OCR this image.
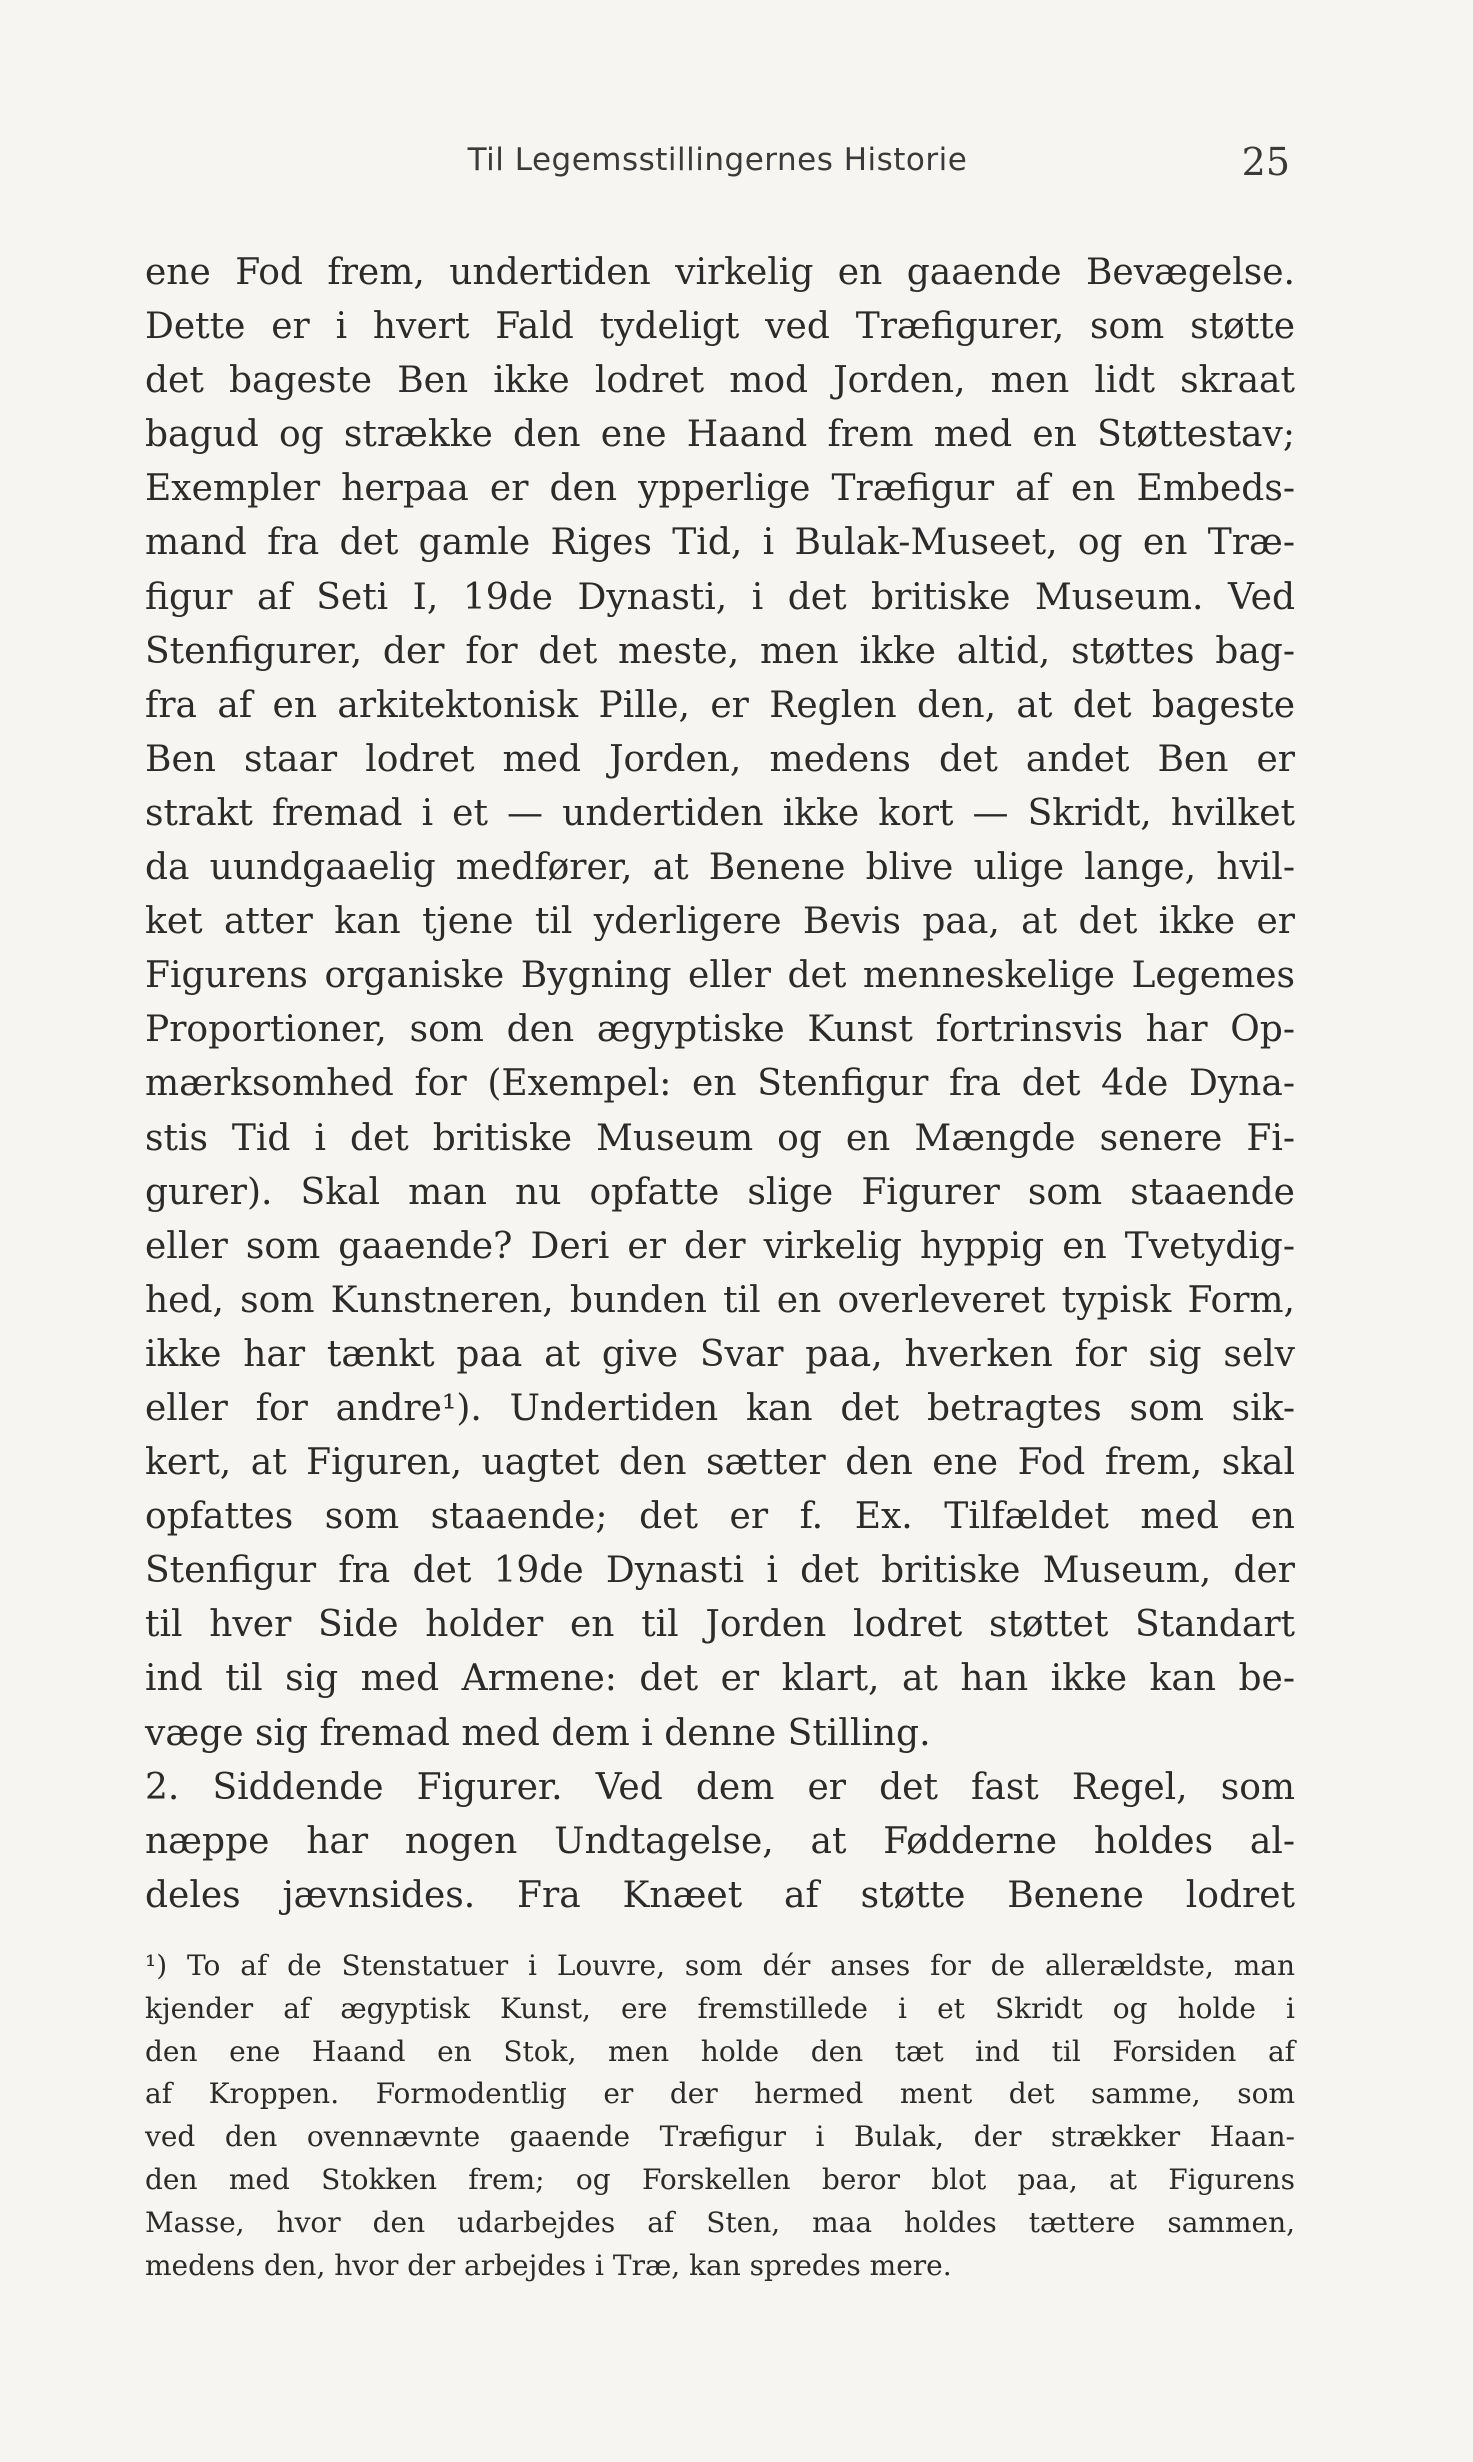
Til Legemsstillingernes Historie	25
ene Fod frem, undertiden virkelig en gaaende Bevægelse.
Dette er i hvert Fald tydeligt ved Træfigurer, som støtte
det bageste Ben ikke lodret mod Jorden, men lidt skraat
bagud og strække den ene Haand frem med en Støttestav;
Exempler herpaa er den ypperlige Træfigur af en Embeds-
mand fra det gamle Riges Tid, i Bulak-Museet, og en Træ-
figur af Seti I, 19de Dynasti, i det britiske Museum. Ved
Stenfigurer, der for det meste, men ikke altid, støttes bag-
fra af en arkitektonisk Pille, er Reglen den, at det bageste
Ben staar lodret med Jorden, medens det andet Ben er
strakt fremad i et — undertiden ikke kort — Skridt, hvilket
da uundgaaelig medfører, at Benene blive ulige lange, hvil-
ket atter kan tjene til yderligere Bevis paa, at det ikke er
Figurens organiske Bygning eller det menneskelige Legemes
Proportioner, som den ægyptiske Kunst fortrinsvis har Op-
mærksomhed for (Exempel: en Stenfigur fra det 4de Dyna-
stis Tid i det britiske Museum og en Mængde senere Fi-
gurer). Skal man nu opfatte slige Figurer som staaende
eller som gaaende? Deri er der virkelig hyppig en Tvetydig-
hed, som Kunstneren, bunden til en overleveret typisk Form,
ikke har tænkt paa at give Svar paa, hverken for sig selv
eller for andre¹). Undertiden kan det betragtes som sik-
kert, at Figuren, uagtet den sætter den ene Fod frem, skal
opfattes som staaende; det er f. Ex. Tilfældet med en
Stenfigur fra det 19de Dynasti i det britiske Museum, der
til hver Side holder en til Jorden lodret støttet Standart
ind til sig med Armene: det er klart, at han ikke kan be-
væge sig fremad med dem i denne Stilling.
2. Siddende Figurer. Ved dem er det fast Regel, som
næppe har nogen Undtagelse, at Fødderne holdes al-
deles jævnsides. Fra Knæet af støtte Benene lodret
¹) To af de Stenstatuer i Louvre, som dér anses for de allerældste, man
kjender af ægyptisk Kunst, ere fremstillede i et Skridt og holde i
den ene Haand en Stok, men holde den tæt ind til Forsiden af
af Kroppen. Formodentlig er der hermed ment det samme, som
ved den ovennævnte gaaende Træfigur i Bulak, der strækker Haan-
den med Stokken frem; og Forskellen beror blot paa, at Figurens
Masse, hvor den udarbejdes af Sten, maa holdes tættere sammen,
medens den, hvor der arbejdes i Træ, kan spredes mere.
